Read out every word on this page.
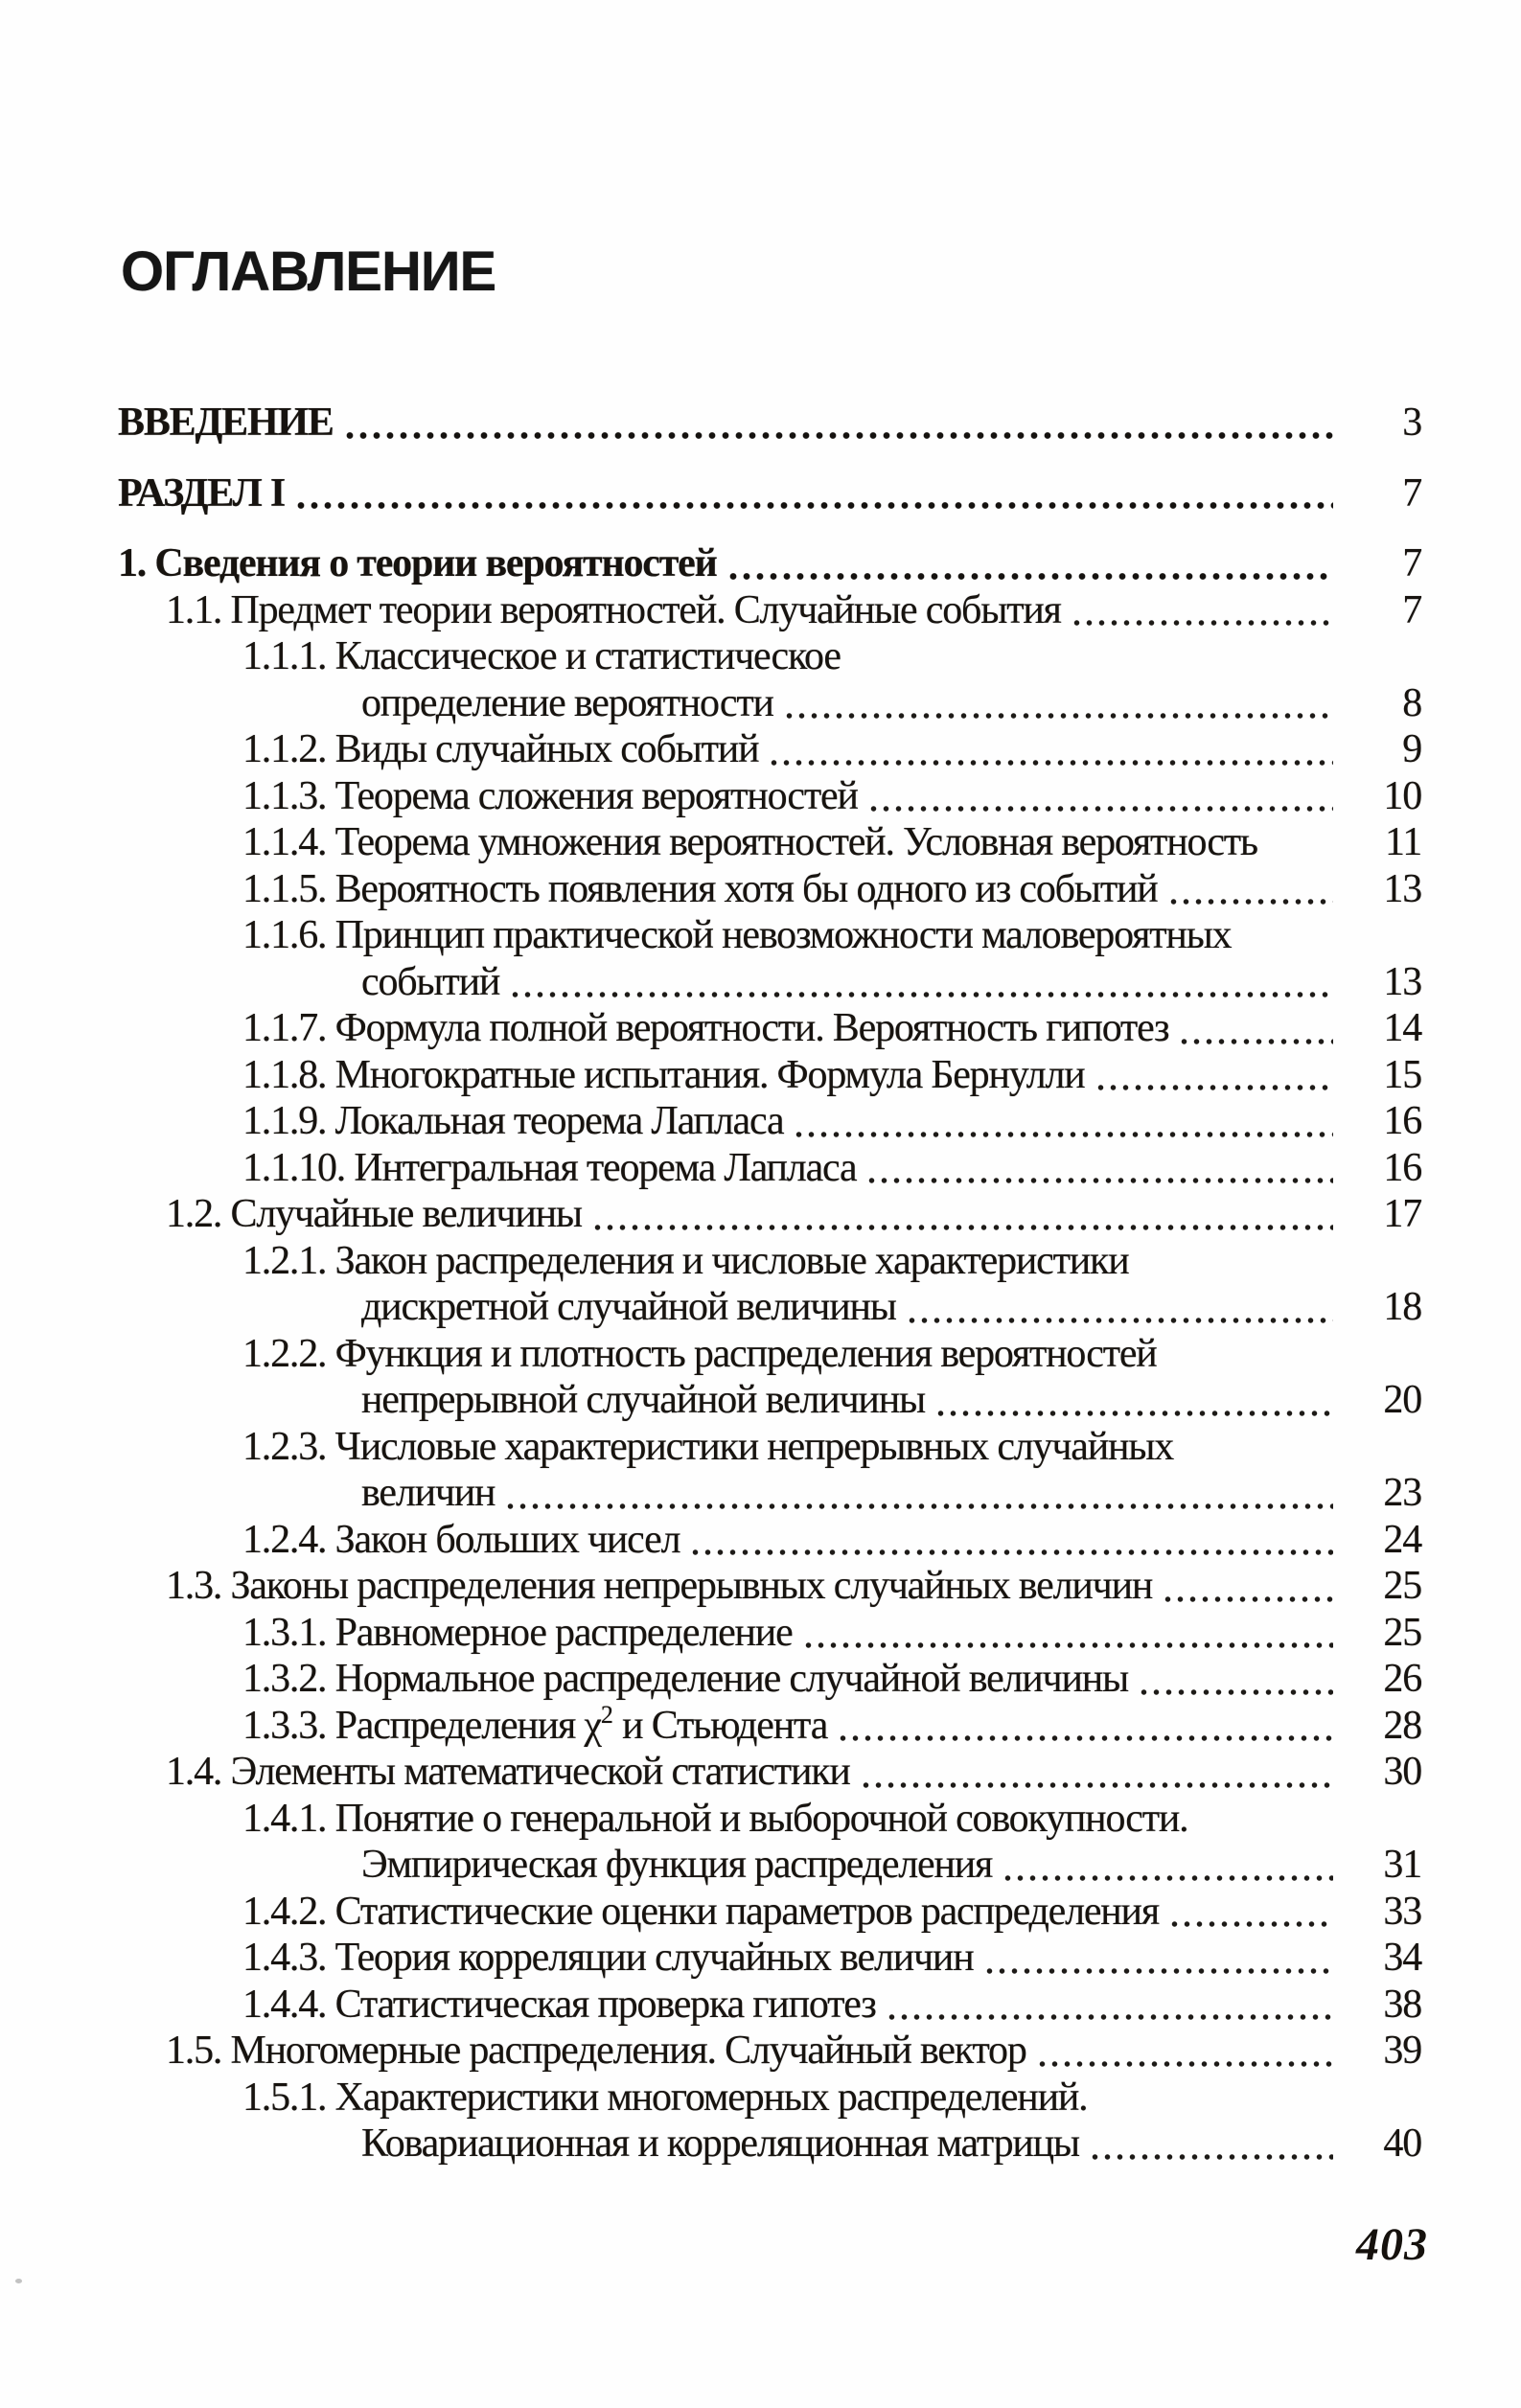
ОГЛАВЛЕНИЕ
ВВЕДЕНИЕ	3
РАЗДЕЛ I	7
1. Сведения о теории вероятностей	7
1.1. Предмет теории вероятностей. Случайные события	7
1.1.1. Классическое и статистическое
определение вероятности	8
1.1.2. Виды случайных событий	9
1.1.3. Теорема сложения вероятностей	10
1.1.4. Теорема умножения вероятностей. Условная вероятность	11
1.1.5. Вероятность появления хотя бы одного из событий	13
1.1.6. Принцип практической невозможности маловероятных
событий	13
1.1.7. Формула полной вероятности. Вероятность гипотез	14
1.1.8. Многократные испытания. Формула Бернулли	15
1.1.9. Локальная теорема Лапласа	16
1.1.10. Интегральная теорема Лапласа	16
1.2. Случайные величины	17
1.2.1. Закон распределения и числовые характеристики
дискретной случайной величины	18
1.2.2. Функция и плотность распределения вероятностей
непрерывной случайной величины	20
1.2.3. Числовые характеристики непрерывных случайных
величин	23
1.2.4. Закон больших чисел	24
1.3. Законы распределения непрерывных случайных величин	25
1.3.1. Равномерное распределение	25
1.3.2. Нормальное распределение случайной величины	26
1.3.3. Распределения $\chi^2$ и Стьюдента	28
1.4. Элементы математической статистики	30
1.4.1. Понятие о генеральной и выборочной совокупности.
Эмпирическая функция распределения	31
1.4.2. Статистические оценки параметров распределения	33
1.4.3. Теория корреляции случайных величин	34
1.4.4. Статистическая проверка гипотез	38
1.5. Многомерные распределения. Случайный вектор	39
1.5.1. Характеристики многомерных распределений.
Ковариационная и корреляционная матрицы	40
403
